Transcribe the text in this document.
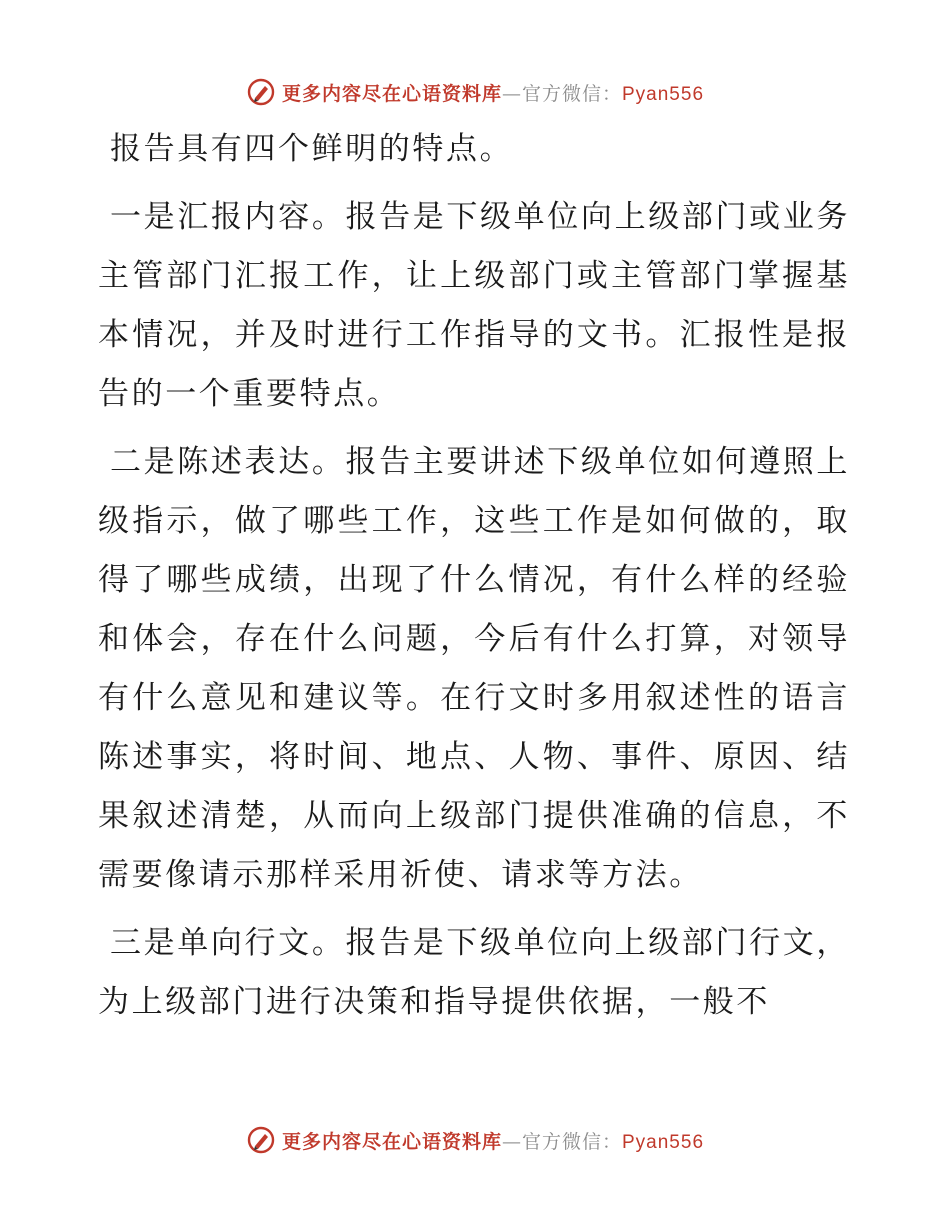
更多内容尽在心语资料库—官方微信：Pyan556

报告具有四个鲜明的特点。

一是汇报内容。报告是下级单位向上级部门或业务主管部门汇报工作，让上级部门或主管部门掌握基本情况，并及时进行工作指导的文书。汇报性是报告的一个重要特点。

二是陈述表达。报告主要讲述下级单位如何遵照上级指示，做了哪些工作，这些工作是如何做的，取得了哪些成绩，出现了什么情况，有什么样的经验和体会，存在什么问题，今后有什么打算，对领导有什么意见和建议等。在行文时多用叙述性的语言陈述事实，将时间、地点、人物、事件、原因、结果叙述清楚，从而向上级部门提供准确的信息，不需要像请示那样采用祈使、请求等方法。

三是单向行文。报告是下级单位向上级部门行文，为上级部门进行决策和指导提供依据，一般不

更多内容尽在心语资料库—官方微信：Pyan556
